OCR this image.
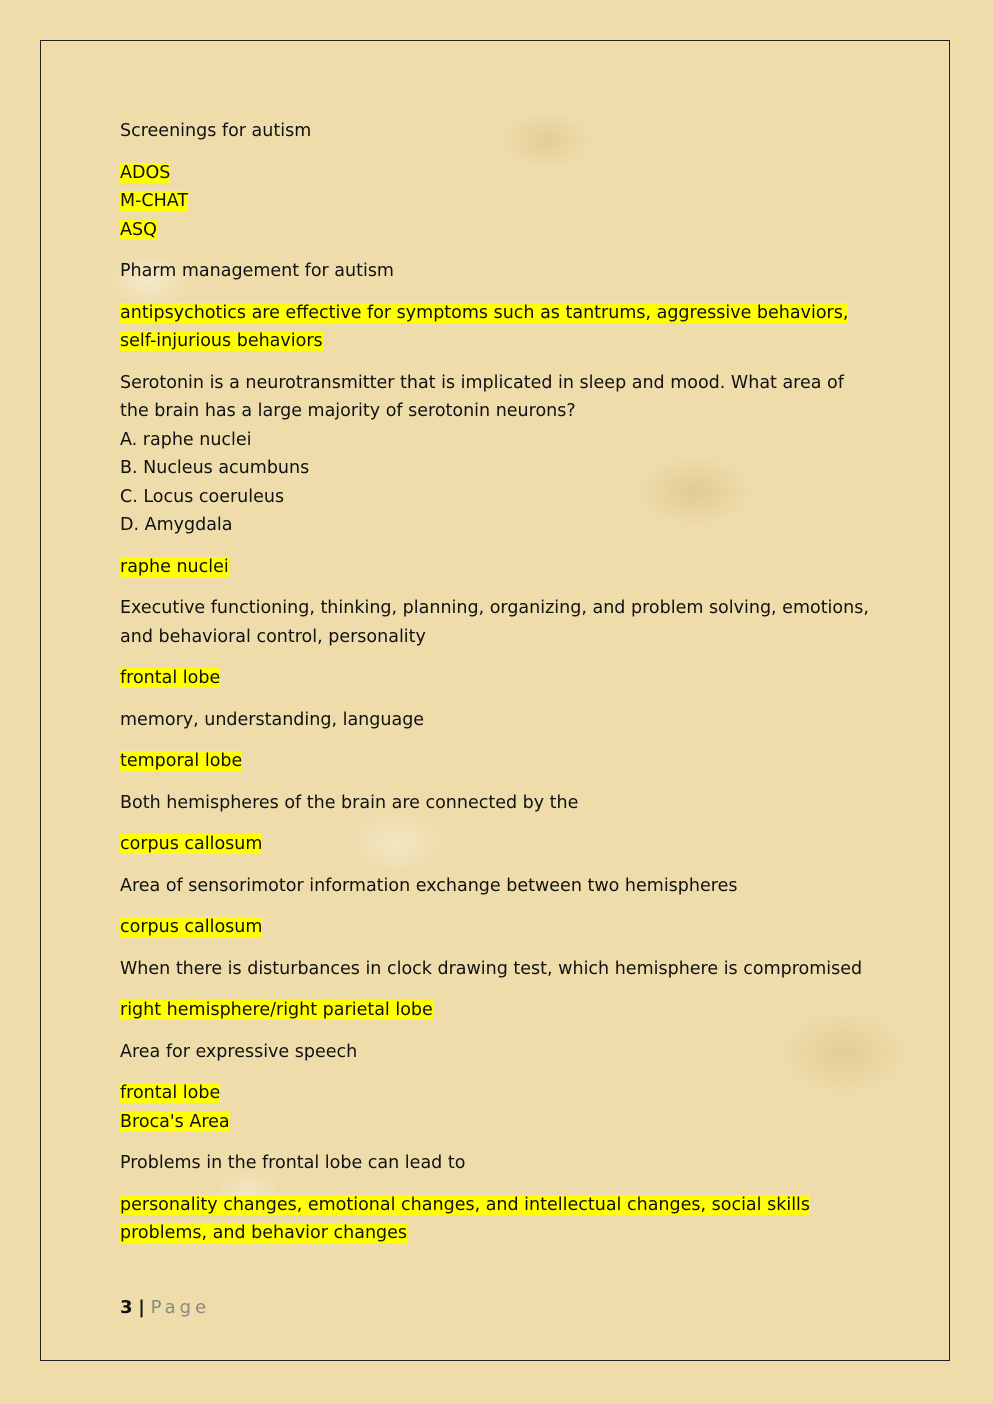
Screenings for autism

ADOS
M-CHAT
ASQ

Pharm management for autism

antipsychotics are effective for symptoms such as tantrums, aggressive behaviors, self-injurious behaviors

Serotonin is a neurotransmitter that is implicated in sleep and mood. What area of the brain has a large majority of serotonin neurons?
A. raphe nuclei
B. Nucleus acumbuns
C. Locus coeruleus
D. Amygdala

raphe nuclei

Executive functioning, thinking, planning, organizing, and problem solving, emotions, and behavioral control, personality

frontal lobe

memory, understanding, language

temporal lobe

Both hemispheres of the brain are connected by the

corpus callosum

Area of sensorimotor information exchange between two hemispheres

corpus callosum

When there is disturbances in clock drawing test, which hemisphere is compromised

right hemisphere/right parietal lobe

Area for expressive speech

frontal lobe
Broca's Area

Problems in the frontal lobe can lead to

personality changes, emotional changes, and intellectual changes, social skills problems, and behavior changes

3 | Page
